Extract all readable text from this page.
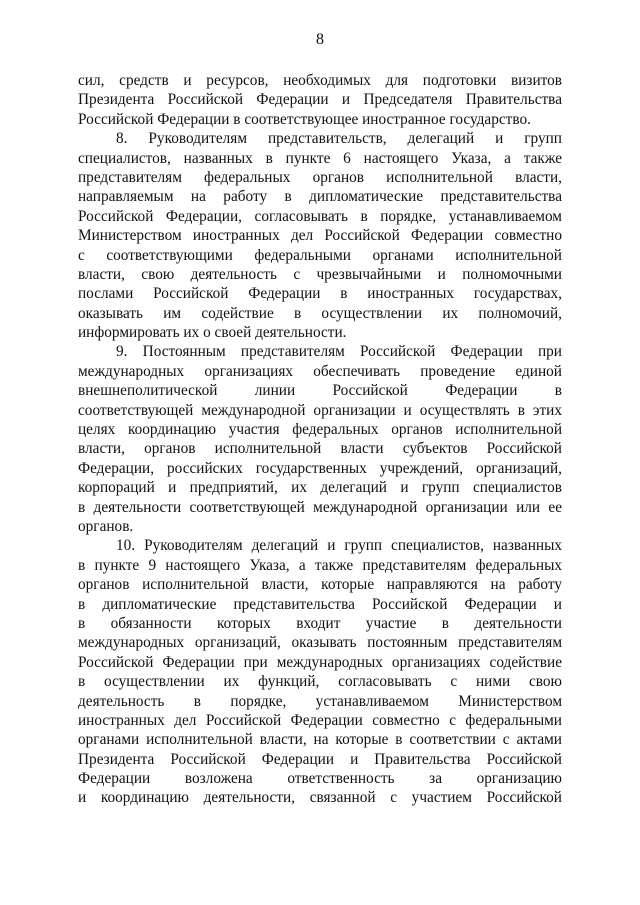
8
сил, средств и ресурсов, необходимых для подготовки визитов
Президента Российской Федерации и Председателя Правительства
Российской Федерации в соответствующее иностранное государство.
8. Руководителям представительств, делегаций и групп
специалистов, названных в пункте 6 настоящего Указа, а также
представителям федеральных органов исполнительной власти,
направляемым на работу в дипломатические представительства
Российской Федерации, согласовывать в порядке, устанавливаемом
Министерством иностранных дел Российской Федерации совместно
с соответствующими федеральными органами исполнительной
власти, свою деятельность с чрезвычайными и полномочными
послами Российской Федерации в иностранных государствах,
оказывать им содействие в осуществлении их полномочий,
информировать их о своей деятельности.
9. Постоянным представителям Российской Федерации при
международных организациях обеспечивать проведение единой
внешнеполитической линии Российской Федерации в
соответствующей международной организации и осуществлять в этих
целях координацию участия федеральных органов исполнительной
власти, органов исполнительной власти субъектов Российской
Федерации, российских государственных учреждений, организаций,
корпораций и предприятий, их делегаций и групп специалистов
в деятельности соответствующей международной организации или ее
органов.
10. Руководителям делегаций и групп специалистов, названных
в пункте 9 настоящего Указа, а также представителям федеральных
органов исполнительной власти, которые направляются на работу
в дипломатические представительства Российской Федерации и
в обязанности которых входит участие в деятельности
международных организаций, оказывать постоянным представителям
Российской Федерации при международных организациях содействие
в осуществлении их функций, согласовывать с ними свою
деятельность в порядке, устанавливаемом Министерством
иностранных дел Российской Федерации совместно с федеральными
органами исполнительной власти, на которые в соответствии с актами
Президента Российской Федерации и Правительства Российской
Федерации возложена ответственность за организацию
и координацию деятельности, связанной с участием Российской
